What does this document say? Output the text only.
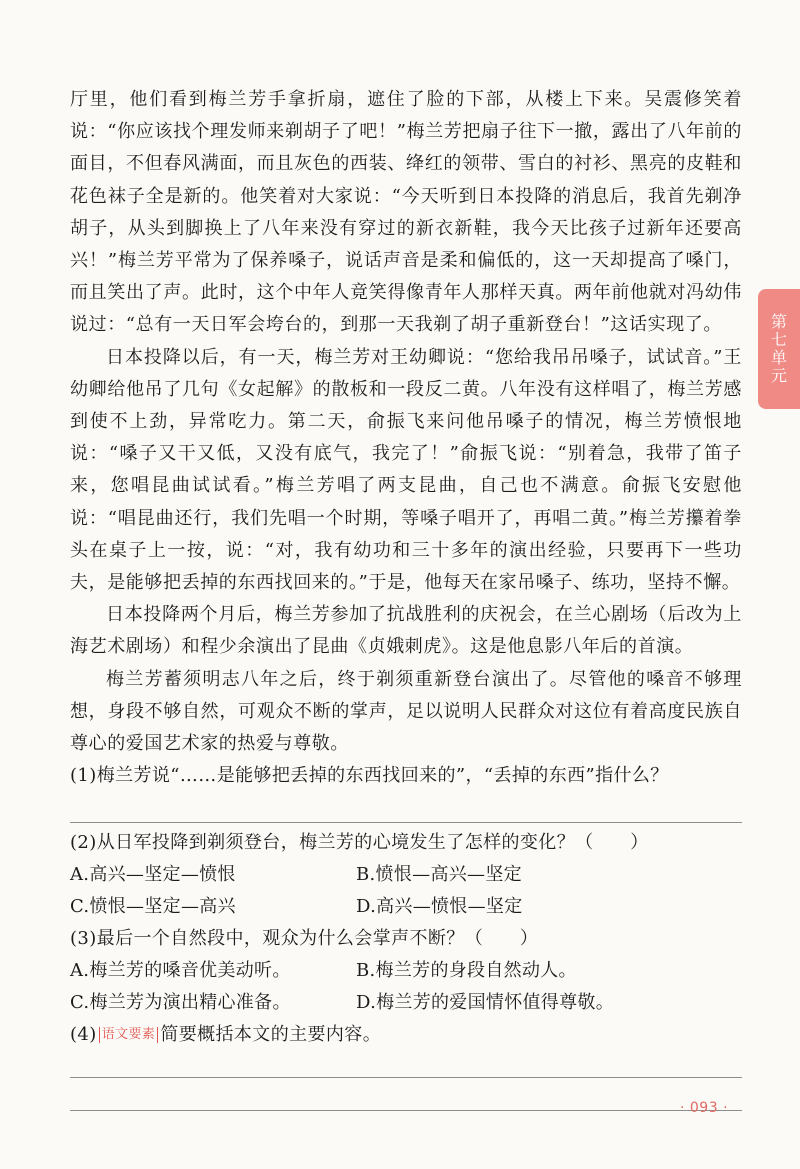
厅里，他们看到梅兰芳手拿折扇，遮住了脸的下部，从楼上下来。吴震修笑着说：“你应该找个理发师来剃胡子了吧！”梅兰芳把扇子往下一撤，露出了八年前的面目，不但春风满面，而且灰色的西装、绛红的领带、雪白的衬衫、黑亮的皮鞋和花色袜子全是新的。他笑着对大家说：“今天听到日本投降的消息后，我首先剃净胡子，从头到脚换上了八年来没有穿过的新衣新鞋，我今天比孩子过新年还要高兴！”梅兰芳平常为了保养嗓子，说话声音是柔和偏低的，这一天却提高了嗓门，而且笑出了声。此时，这个中年人竟笑得像青年人那样天真。两年前他就对冯幼伟说过：“总有一天日军会垮台的，到那一天我剃了胡子重新登台！”这话实现了。

日本投降以后，有一天，梅兰芳对王幼卿说：“您给我吊吊嗓子，试试音。”王幼卿给他吊了几句《女起解》的散板和一段反二黄。八年没有这样唱了，梅兰芳感到使不上劲，异常吃力。第二天，俞振飞来问他吊嗓子的情况，梅兰芳愤恨地说：“嗓子又干又低，又没有底气，我完了！”俞振飞说：“别着急，我带了笛子来，您唱昆曲试试看。”梅兰芳唱了两支昆曲，自己也不满意。俞振飞安慰他说：“唱昆曲还行，我们先唱一个时期，等嗓子唱开了，再唱二黄。”梅兰芳攥着拳头在桌子上一按，说：“对，我有幼功和三十多年的演出经验，只要再下一些功夫，是能够把丢掉的东西找回来的。”于是，他每天在家吊嗓子、练功，坚持不懈。

日本投降两个月后，梅兰芳参加了抗战胜利的庆祝会，在兰心剧场（后改为上海艺术剧场）和程少余演出了昆曲《贞娥刺虎》。这是他息影八年后的首演。

梅兰芳蓄须明志八年之后，终于剃须重新登台演出了。尽管他的嗓音不够理想，身段不够自然，可观众不断的掌声，足以说明人民群众对这位有着高度民族自尊心的爱国艺术家的热爱与尊敬。

(1)梅兰芳说“……是能够把丢掉的东西找回来的”，“丢掉的东西”指什么？

(2)从日军投降到剃须登台，梅兰芳的心境发生了怎样的变化？（　　）

A.高兴—坚定—愤恨	B.愤恨—高兴—坚定
C.愤恨—坚定—高兴	D.高兴—愤恨—坚定

(3)最后一个自然段中，观众为什么会掌声不断？（　　）

A.梅兰芳的嗓音优美动听。	B.梅兰芳的身段自然动人。
C.梅兰芳为演出精心准备。	D.梅兰芳的爱国情怀值得尊敬。

(4) 语文要素 简要概括本文的主要内容。

第
七
单
元
· 093 ·
